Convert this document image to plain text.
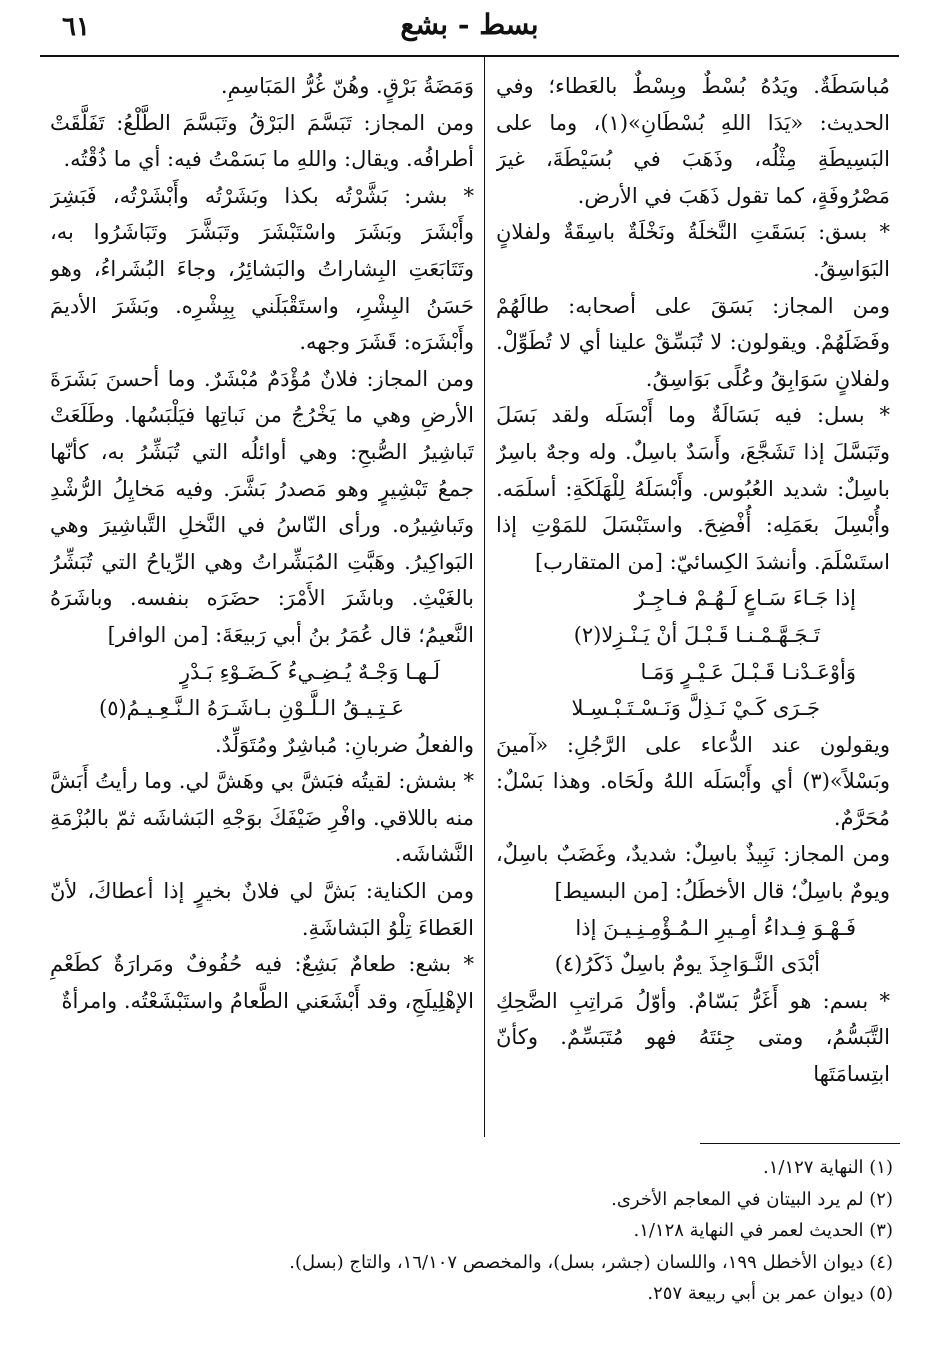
٦١	بسط - بشع

مُباسَطَةٌ. ويَدُهُ بُسْطٌ وبِسْطٌ بالعَطاء؛ وفي الحديث: «يَدَا اللهِ بُسْطَانِ»(١)، وما على البَسِيطَةِ مِثْلُه، وذَهَبَ في بُسَيْطَةَ، غيرَ مَصْرُوفَةٍ، كما تقول ذَهَبَ في الأرض.

* بسق: بَسَقَتِ النَّخلَةُ ونَخْلَةٌ باسِقَةٌ ولفلانٍ البَوَاسِقُ.

ومن المجاز: بَسَقَ على أصحابه: طالَهُمْ وفَضَلَهُمْ. ويقولون: لا تُبَسِّقْ علينا أي لا تُطَوِّلْ. ولفلانٍ سَوَابِقُ وعُلًى بَوَاسِقُ.

* بسل: فيه بَسَالَةٌ وما أَبْسَلَه ولقد بَسَلَ وتَبَسَّلَ إذا تَشَجَّعَ، وأَسَدٌ باسِلٌ. وله وجهٌ باسِرٌ باسِلٌ: شديد العُبُوس. وأَبْسَلَهُ لِلْهَلَكَةِ: أسلَمَه. وأُبْسِلَ بعَمَلِه: أُفْضِحَ. واستَبْسَلَ للمَوْتِ إذا استَسْلَمَ. وأنشدَ الكِسائيّ: [من المتقارب]

إذا جَـاءَ سَـاعٍ لَـهُـمْ فـاجِـرٌ

تَـجَـهَّـمْـنـا قَـبْـلَ أنْ يَـنْـزِلا(٢)

وَأوْعَـدْنـا قَـبْـلَ عَـيْـرٍ وَمَـا

جَـرَى كَـيْ نَـذِلَّ وَنَـسْـتَـبْـسِـلا

ويقولون عند الدُّعاء على الرَّجُلِ: «آمينَ وبَسْلاً»(٣) أي وأَبْسَلَه اللهُ ولَحَاه. وهذا بَسْلٌ: مُحَرَّمٌ.

ومن المجاز: نَبِيذٌ باسِلٌ: شديدٌ، وغَضَبٌ باسِلٌ، ويومٌ باسِلٌ؛ قال الأخطَلُ: [من البسيط]

فَـهْـوَ فِـداءُ أمِـيرِ الـمُـؤْمِـنِـيـنَ إذا

أبْدَى النَّـوَاجِذَ يومٌ باسِلٌ ذَكَرُ(٤)

* بسم: هو أَغَرُّ بَسّامٌ. وأوّلُ مَراتِبِ الضَّحِكِ التَّبَسُّمُ، ومتى جِئتَهُ فهو مُتَبَسِّمٌ. وكأنّ ابتِسامَتَها

وَمَضَةُ بَرْقٍ. وهُنّ غُرُّ المَبَاسِمِ.

ومن المجاز: تَبَسَّمَ البَرْقُ وتَبَسَّمَ الطَّلْعُ: تَفَلَّقَتْ أطرافُه. ويقال: واللهِ ما بَسَمْتُ فيه: أي ما ذُقْتُه.

* بشر: بَشَّرْتُه بكذا وبَشَرْتُه وأَبْشَرْتُه، فَبَشِرَ وأَبْشَرَ وبَشَرَ واسْتَبْشَرَ وتَبَشَّرَ وتَبَاشَرُوا به، وتَتَابَعَتِ البِشاراتُ والبَشائِرُ، وجاءَ البُشَراءُ، وهو حَسَنُ البِشْرِ، واستَقْبَلَني بِبِشْرِه. وبَشَرَ الأديمَ وأَبْشَرَه: قَشَرَ وجهه.

ومن المجاز: فلانٌ مُؤْدَمٌ مُبْشَرٌ. وما أحسنَ بَشَرَةَ الأرضِ وهي ما يَخْرُجُ من نَباتِها فيَلْبَسُها. وطَلَعَتْ تَباشِيرُ الصُّبحِ: وهي أوائلُه التي تُبَشِّرُ به، كأنّها جمعُ تَبْشِيرٍ وهو مَصدرُ بَشَّرَ. وفيه مَخايِلُ الرُّشْدِ وتَباشِيرُه. ورأى النّاسُ في النَّخلِ التَّباشِيرَ وهي البَواكِيرُ. وهَبَّتِ المُبَشِّراتُ وهي الرِّياحُ التي تُبَشِّرُ بالغَيْثِ. وباشَرَ الأَمْرَ: حضَرَه بنفسه. وباشَرَهُ النَّعيمُ؛ قال عُمَرُ بنُ أبي رَبيعَةَ: [من الوافر]

لَـهـا وَجْـهٌ يُـضِـيءُ كَـضَـوْءِ بَـدْرٍ

عَـتِـيـقُ الـلَّـوْنِ بـاشَـرَهُ الـنَّـعِـيـمُ(٥)

والفعلُ ضربانِ: مُباشِرٌ ومُتَوَلِّدٌ.

* بشش: لقيتُه فبَشَّ بي وهَشَّ لي. وما رأيتُ أَبَشَّ منه باللاقي. وافْرِ ضَيْفَكَ بوَجْهِ البَشاشَه ثمّ بالبُزْمَةِ النَّشاشَه.

ومن الكناية: بَشَّ لي فلانٌ بخيرٍ إذا أعطاكَ، لأنّ العَطاءَ تِلْوُ البَشاشَةِ.

* بشع: طعامٌ بَشِعٌ: فيه حُفُوفٌ ومَرارَةٌ كطَعْمِ الإهْلِيلَجِ، وقد أَبْشَعَني الطَّعامُ واستَبْشَعْتُه. وامرأةٌ

(١) النهاية ١/١٢٧.

(٢) لم يرد البيتان في المعاجم الأخرى.

(٣) الحديث لعمر في النهاية ١/١٢٨.

(٤) ديوان الأخطل ١٩٩، واللسان (جشر، بسل)، والمخصص ١٦/١٠٧، والتاج (بسل).

(٥) ديوان عمر بن أبي ربيعة ٢٥٧.
